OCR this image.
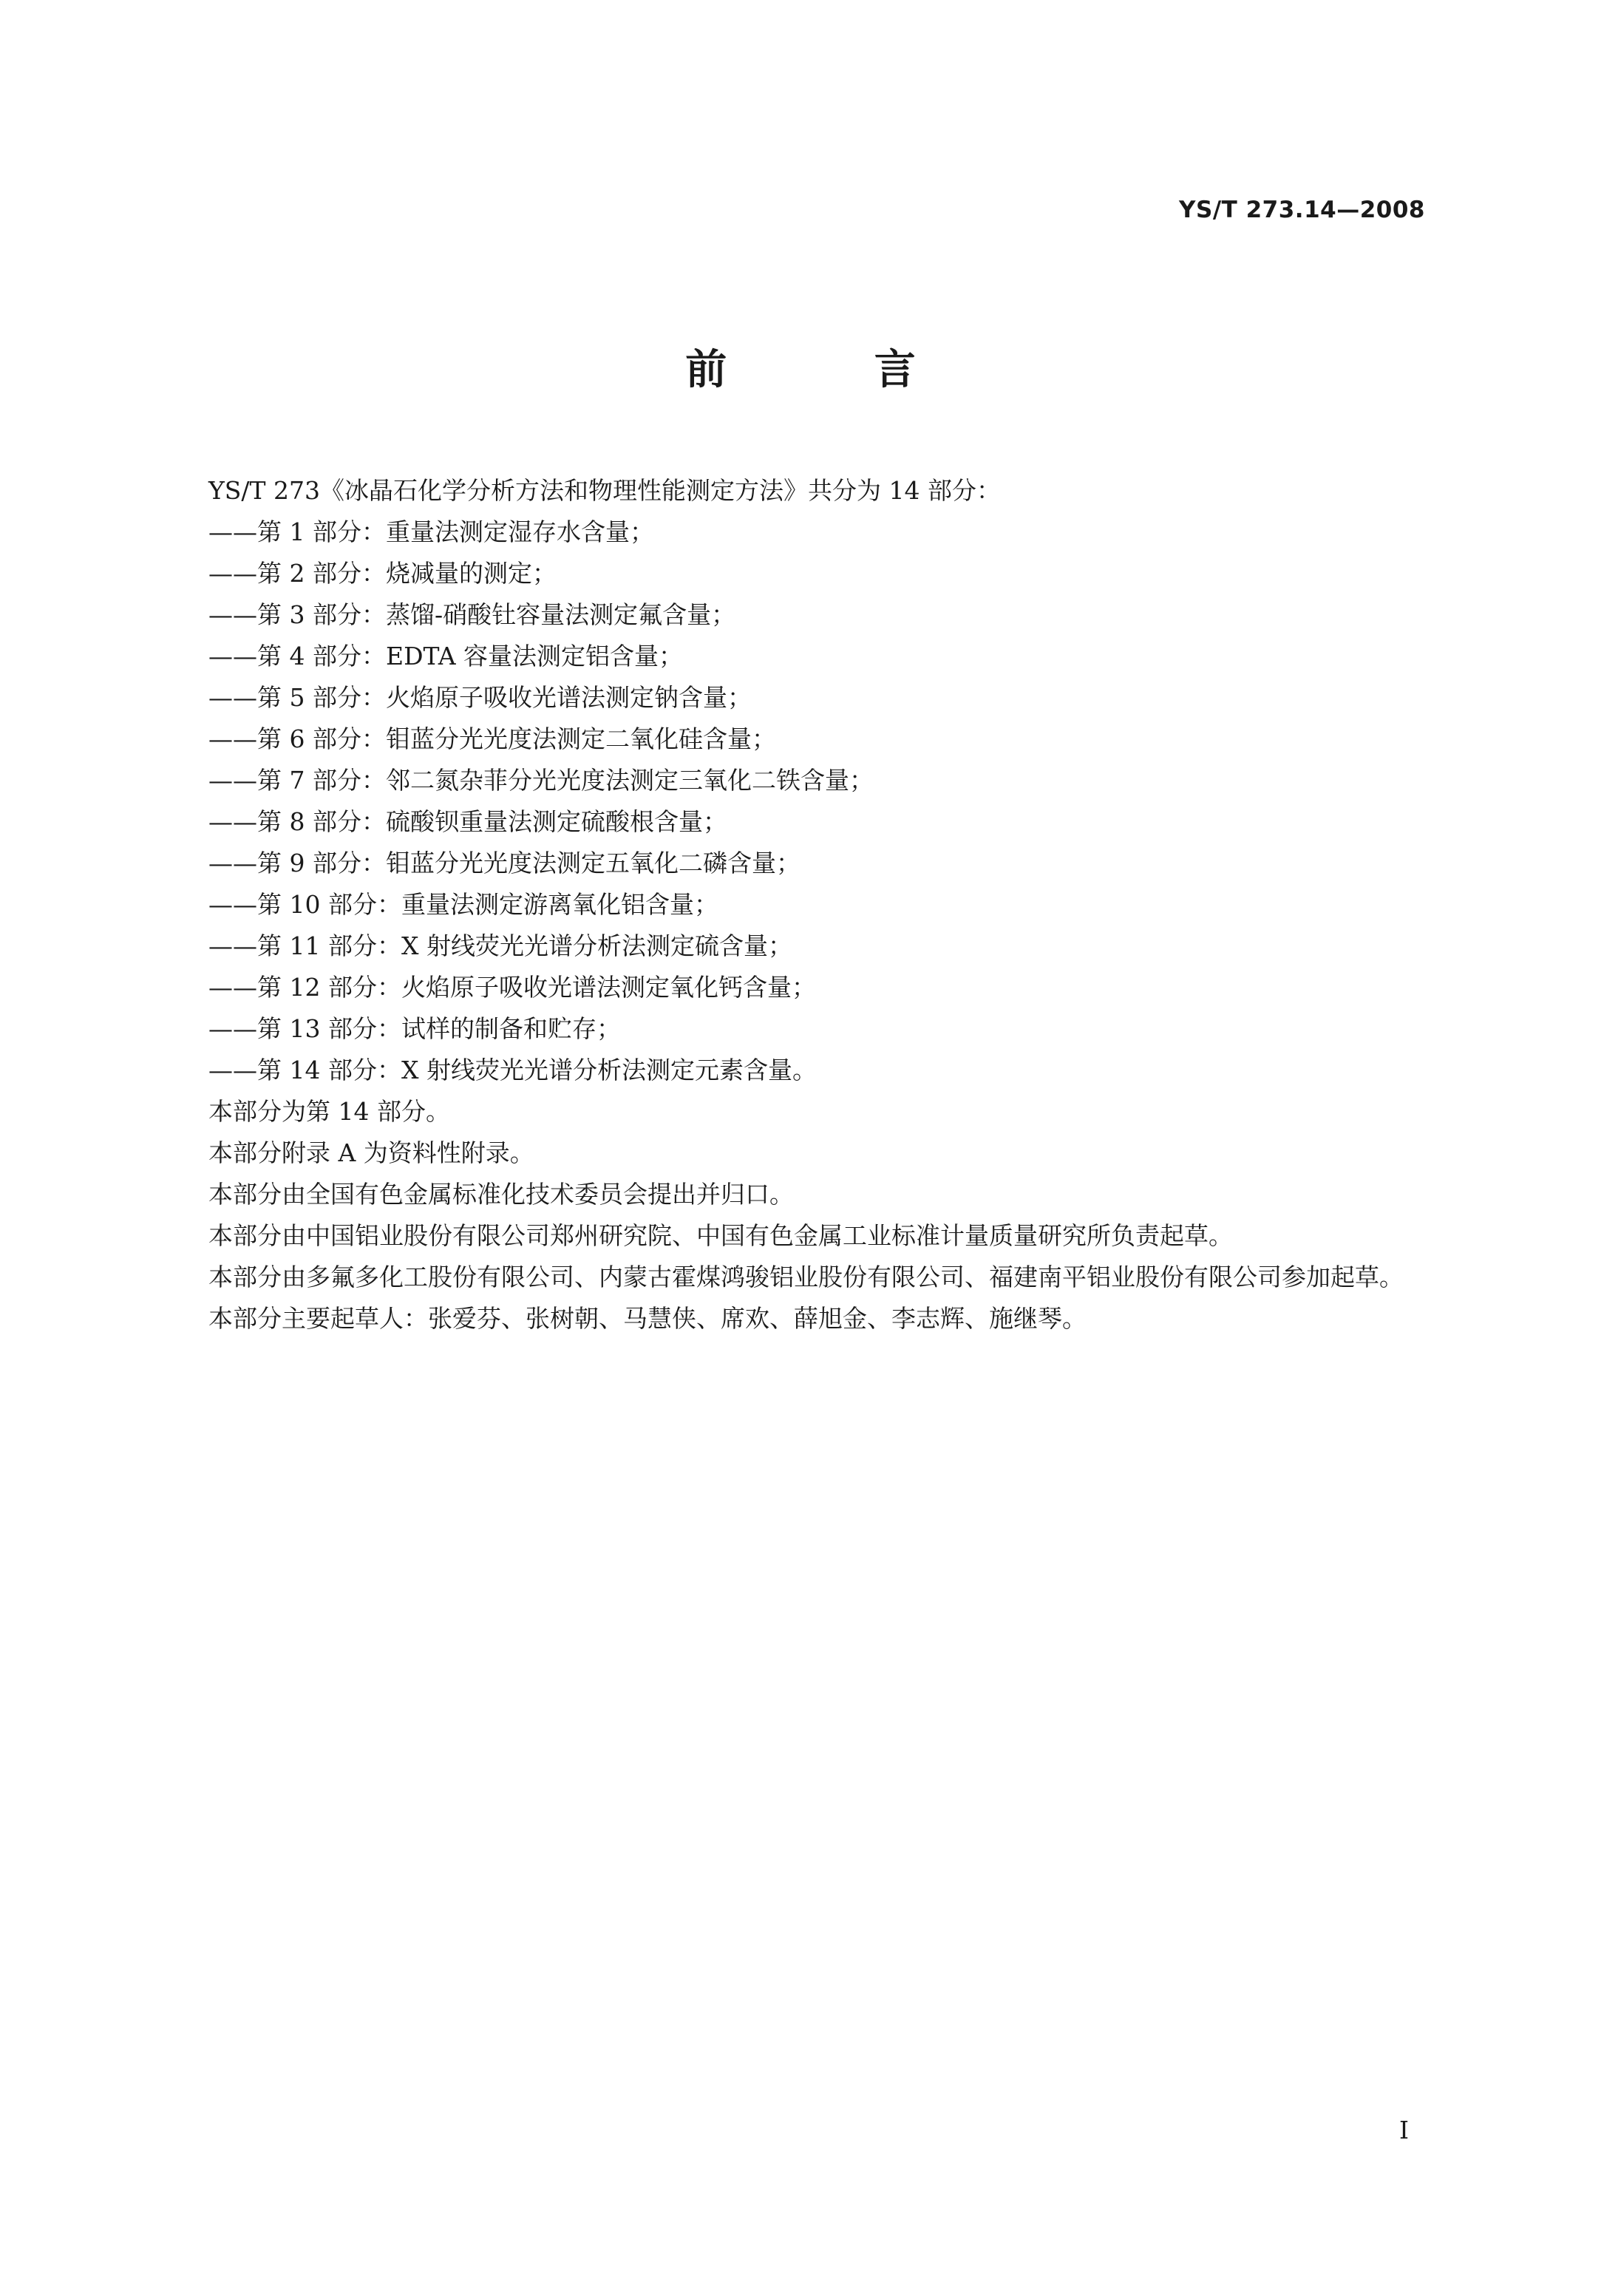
YS/T 273.14—2008
前 言

YS/T 273《冰晶石化学分析方法和物理性能测定方法》共分为 14 部分：

——第 1 部分：重量法测定湿存水含量；
——第 2 部分：烧减量的测定；
——第 3 部分：蒸馏-硝酸钍容量法测定氟含量；
——第 4 部分：EDTA 容量法测定铝含量；
——第 5 部分：火焰原子吸收光谱法测定钠含量；
——第 6 部分：钼蓝分光光度法测定二氧化硅含量；
——第 7 部分：邻二氮杂菲分光光度法测定三氧化二铁含量；
——第 8 部分：硫酸钡重量法测定硫酸根含量；
——第 9 部分：钼蓝分光光度法测定五氧化二磷含量；
——第 10 部分：重量法测定游离氧化铝含量；
——第 11 部分：X 射线荧光光谱分析法测定硫含量；
——第 12 部分：火焰原子吸收光谱法测定氧化钙含量；
——第 13 部分：试样的制备和贮存；
——第 14 部分：X 射线荧光光谱分析法测定元素含量。

本部分为第 14 部分。

本部分附录 A 为资料性附录。

本部分由全国有色金属标准化技术委员会提出并归口。

本部分由中国铝业股份有限公司郑州研究院、中国有色金属工业标准计量质量研究所负责起草。

本部分由多氟多化工股份有限公司、内蒙古霍煤鸿骏铝业股份有限公司、福建南平铝业股份有限公司参加起草。

本部分主要起草人：张爱芬、张树朝、马慧侠、席欢、薛旭金、李志辉、施继琴。

I
